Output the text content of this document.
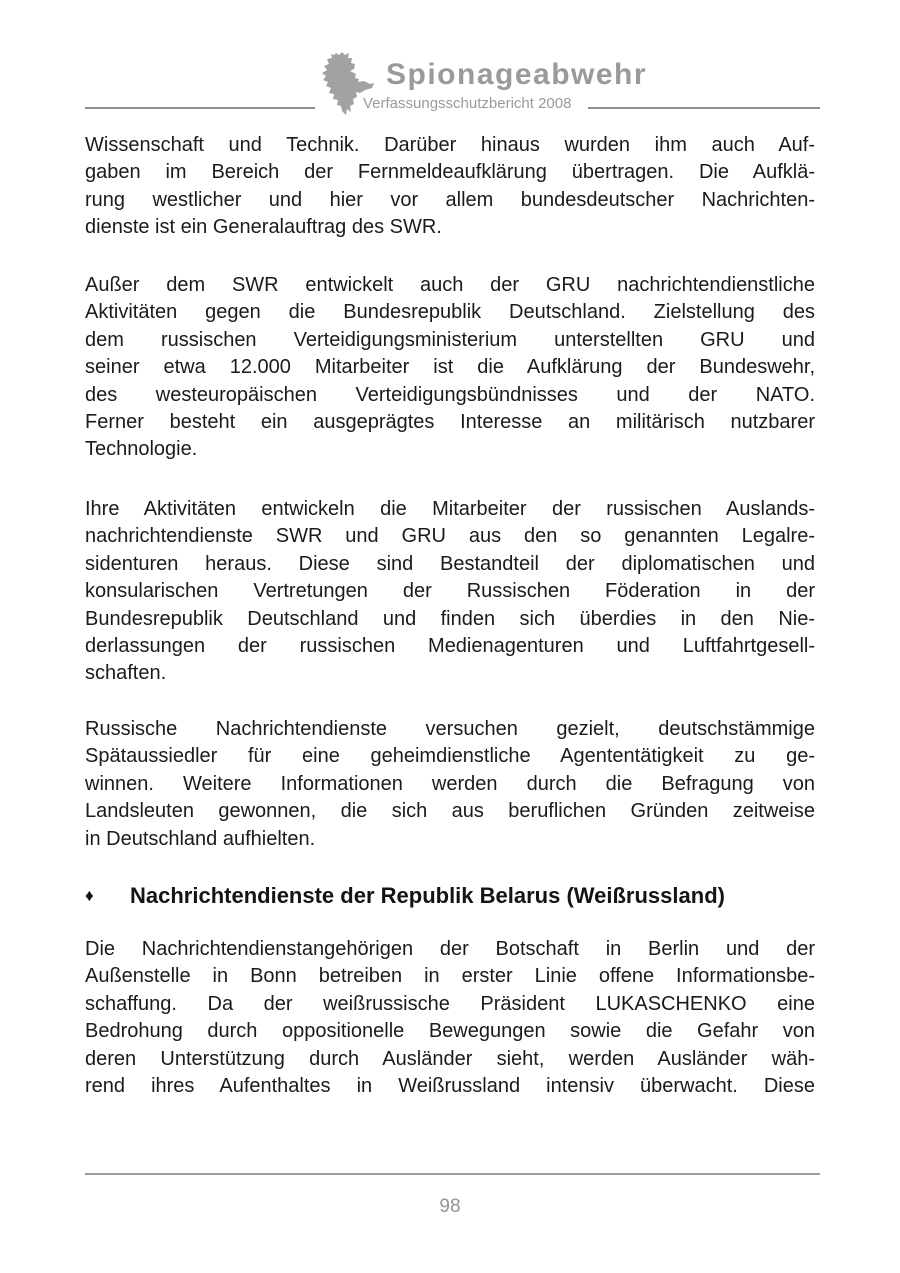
Spionageabwehr
Verfassungsschutzbericht 2008
Wissenschaft und Technik. Darüber hinaus wurden ihm auch Auf-
gaben im Bereich der Fernmeldeaufklärung übertragen. Die Aufklä-
rung westlicher und hier vor allem bundesdeutscher Nachrichten-
dienste ist ein Generalauftrag des SWR.
Außer dem SWR entwickelt auch der GRU nachrichtendienstliche
Aktivitäten gegen die Bundesrepublik Deutschland. Zielstellung des
dem russischen Verteidigungsministerium unterstellten GRU und
seiner etwa 12.000 Mitarbeiter ist die Aufklärung der Bundeswehr,
des westeuropäischen Verteidigungsbündnisses und der NATO.
Ferner besteht ein ausgeprägtes Interesse an militärisch nutzbarer
Technologie.
Ihre Aktivitäten entwickeln die Mitarbeiter der russischen Auslands-
nachrichtendienste SWR und GRU aus den so genannten Legalre-
sidenturen heraus. Diese sind Bestandteil der diplomatischen und
konsularischen Vertretungen der Russischen Föderation in der
Bundesrepublik Deutschland und finden sich überdies in den Nie-
derlassungen der russischen Medienagenturen und Luftfahrtgesell-
schaften.
Russische Nachrichtendienste versuchen gezielt, deutschstämmige
Spätaussiedler für eine geheimdienstliche Agententätigkeit zu ge-
winnen. Weitere Informationen werden durch die Befragung von
Landsleuten gewonnen, die sich aus beruflichen Gründen zeitweise
in Deutschland aufhielten.
♦	Nachrichtendienste der Republik Belarus (Weißrussland)
Die Nachrichtendienstangehörigen der Botschaft in Berlin und der
Außenstelle in Bonn betreiben in erster Linie offene Informationsbe-
schaffung. Da der weißrussische Präsident LUKASCHENKO eine
Bedrohung durch oppositionelle Bewegungen sowie die Gefahr von
deren Unterstützung durch Ausländer sieht, werden Ausländer wäh-
rend ihres Aufenthaltes in Weißrussland intensiv überwacht. Diese
98
